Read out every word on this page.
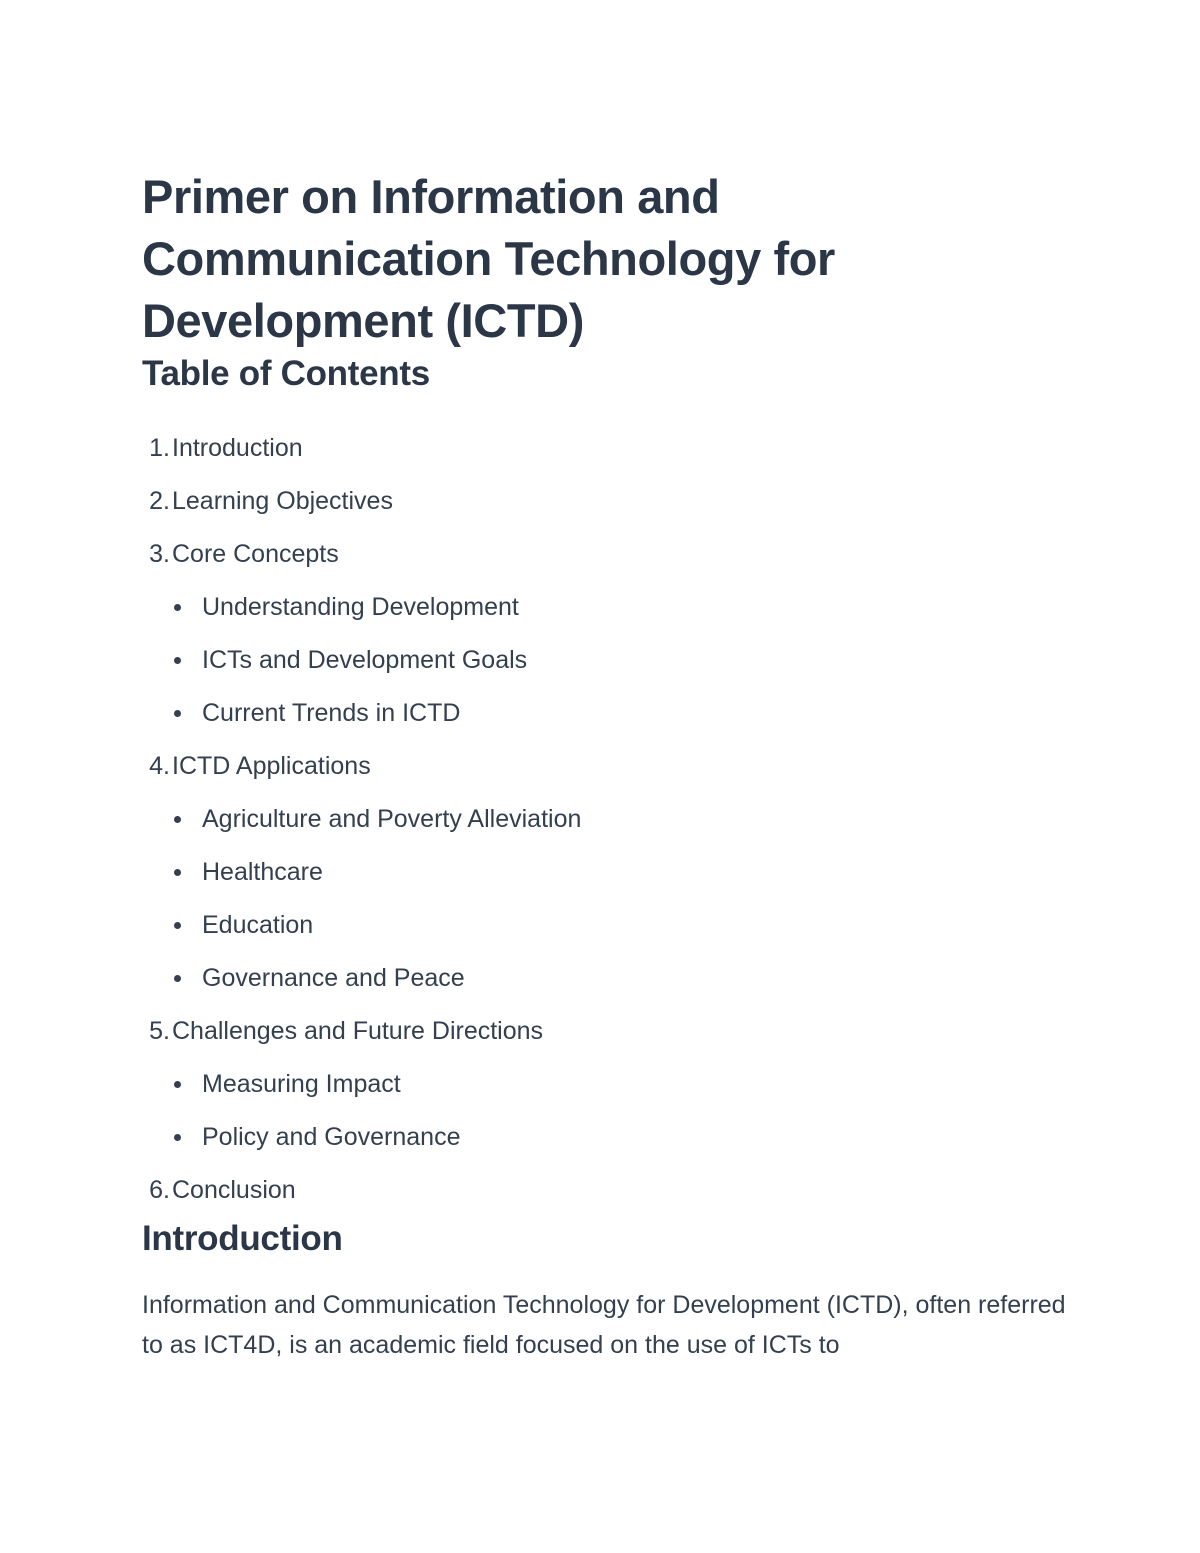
Primer on Information and Communication Technology for Development (ICTD)
Table of Contents
1. Introduction
2. Learning Objectives
3. Core Concepts
Understanding Development
ICTs and Development Goals
Current Trends in ICTD
4. ICTD Applications
Agriculture and Poverty Alleviation
Healthcare
Education
Governance and Peace
5. Challenges and Future Directions
Measuring Impact
Policy and Governance
6. Conclusion
Introduction

Information and Communication Technology for Development (ICTD), often referred to as ICT4D, is an academic field focused on the use of ICTs to
